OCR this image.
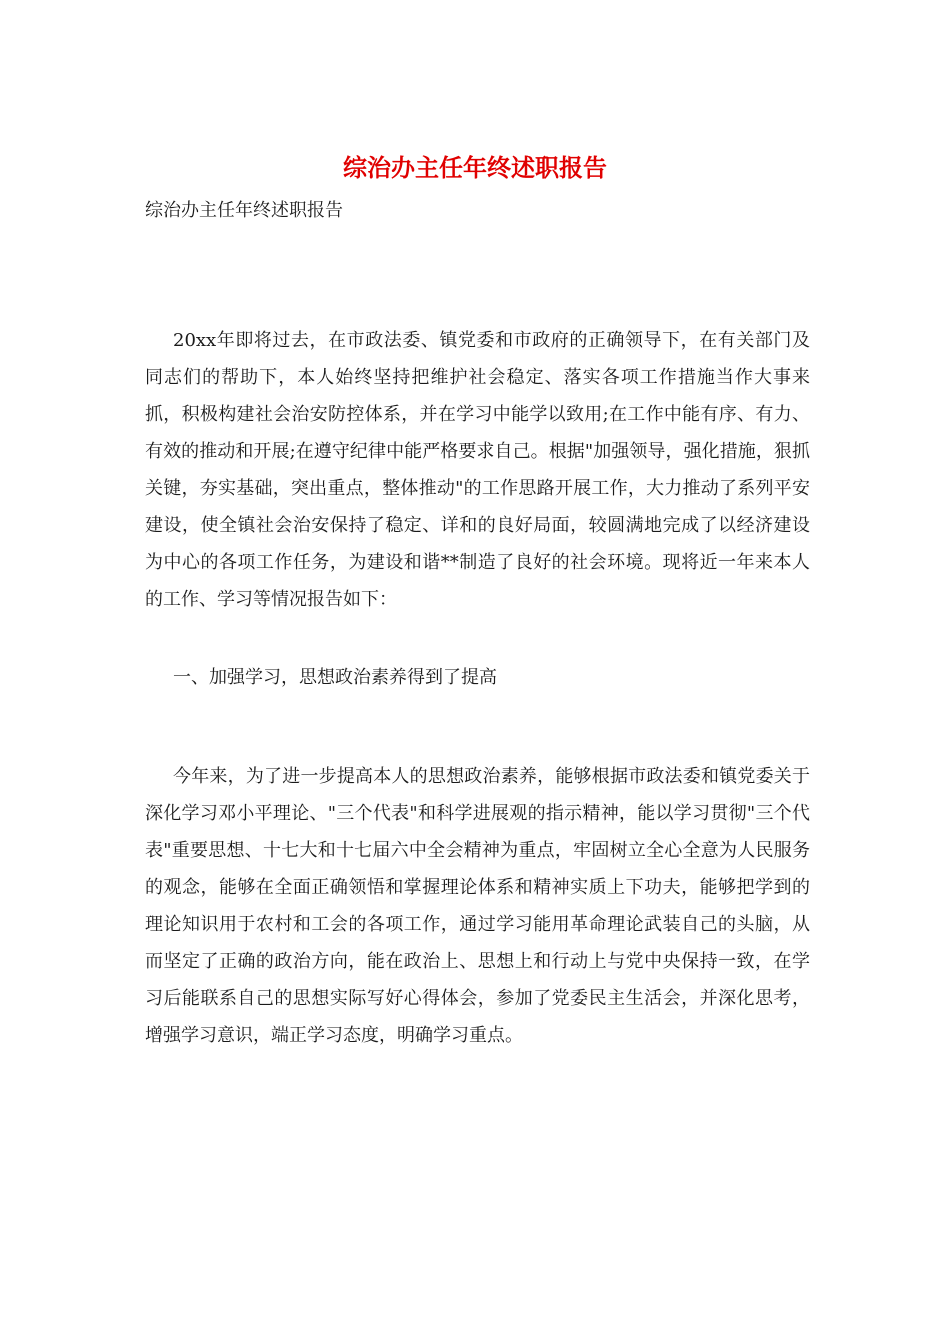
综治办主任年终述职报告

综治办主任年终述职报告

20xx年即将过去，在市政法委、镇党委和市政府的正确领导下，在有关部门及同志们的帮助下，本人始终坚持把维护社会稳定、落实各项工作措施当作大事来抓，积极构建社会治安防控体系，并在学习中能学以致用;在工作中能有序、有力、有效的推动和开展;在遵守纪律中能严格要求自己。根据"加强领导，强化措施，狠抓关键，夯实基础，突出重点，整体推动"的工作思路开展工作，大力推动了系列平安建设，使全镇社会治安保持了稳定、详和的良好局面，较圆满地完成了以经济建设为中心的各项工作任务，为建设和谐**制造了良好的社会环境。现将近一年来本人的工作、学习等情况报告如下：

一、加强学习，思想政治素养得到了提高

今年来，为了进一步提高本人的思想政治素养，能够根据市政法委和镇党委关于深化学习邓小平理论、"三个代表"和科学进展观的指示精神，能以学习贯彻"三个代表"重要思想、十七大和十七届六中全会精神为重点，牢固树立全心全意为人民服务的观念，能够在全面正确领悟和掌握理论体系和精神实质上下功夫，能够把学到的理论知识用于农村和工会的各项工作，通过学习能用革命理论武装自己的头脑，从而坚定了正确的政治方向，能在政治上、思想上和行动上与党中央保持一致，在学习后能联系自己的思想实际写好心得体会，参加了党委民主生活会，并深化思考，增强学习意识，端正学习态度，明确学习重点。
